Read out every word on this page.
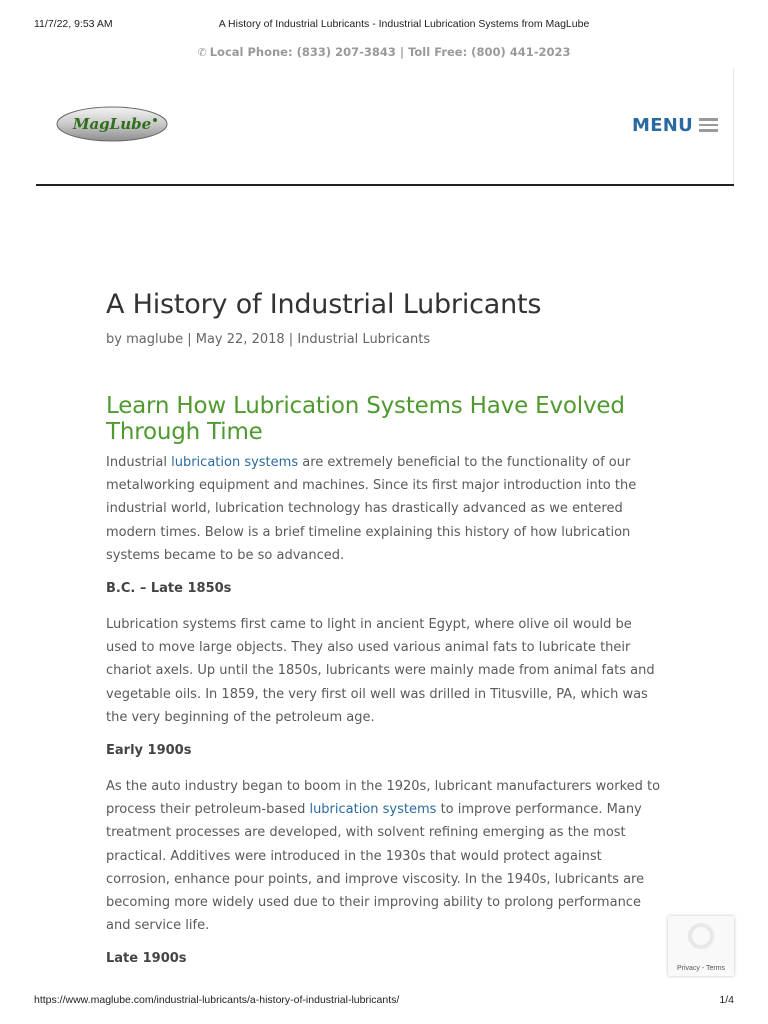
11/7/22, 9:53 AM	A History of Industrial Lubricants - Industrial Lubrication Systems from MagLube
✆ Local Phone: (833) 207-3843 | Toll Free: (800) 441-2023
MagLube	MENU
A History of Industrial Lubricants
by maglube | May 22, 2018 | Industrial Lubricants
Learn How Lubrication Systems Have Evolved Through Time

Industrial lubrication systems are extremely beneficial to the functionality of our metalworking equipment and machines. Since its first major introduction into the industrial world, lubrication technology has drastically advanced as we entered modern times. Below is a brief timeline explaining this history of how lubrication systems became to be so advanced.

B.C. – Late 1850s

Lubrication systems first came to light in ancient Egypt, where olive oil would be used to move large objects. They also used various animal fats to lubricate their chariot axels. Up until the 1850s, lubricants were mainly made from animal fats and vegetable oils. In 1859, the very first oil well was drilled in Titusville, PA, which was the very beginning of the petroleum age.

Early 1900s

As the auto industry began to boom in the 1920s, lubricant manufacturers worked to process their petroleum-based lubrication systems to improve performance. Many treatment processes are developed, with solvent refining emerging as the most practical. Additives were introduced in the 1930s that would protect against corrosion, enhance pour points, and improve viscosity. In the 1940s, lubricants are becoming more widely used due to their improving ability to prolong performance and service life.

Late 1900s

Privacy - Terms
https://www.maglube.com/industrial-lubricants/a-history-of-industrial-lubricants/	1/4
